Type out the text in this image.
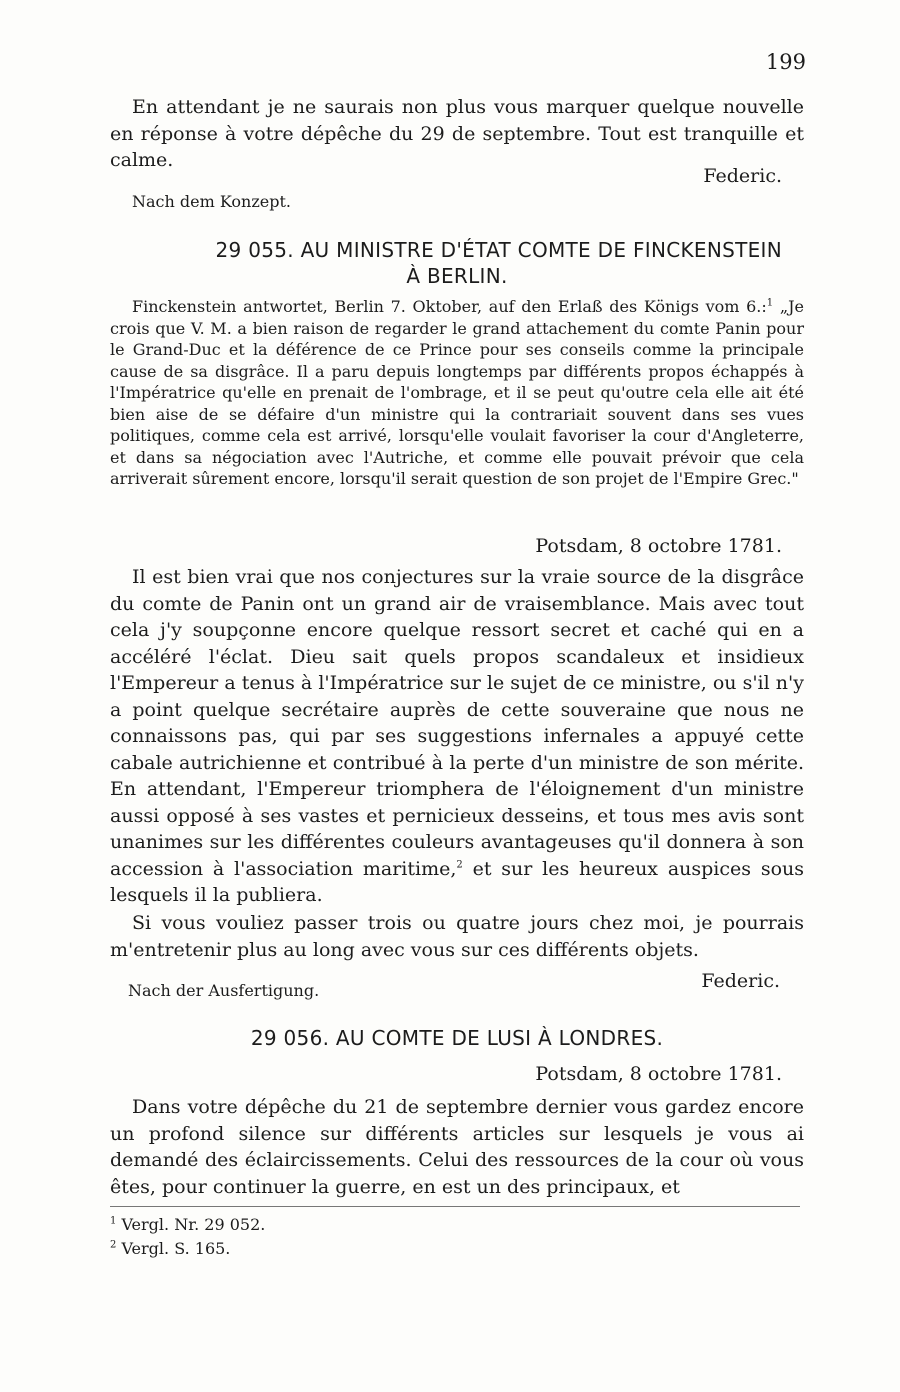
199

En attendant je ne saurais non plus vous marquer quelque nouvelle en réponse à votre dépêche du 29 de septembre. Tout est tranquille et calme.

Federic.
Nach dem Konzept.
29 055. AU MINISTRE D'ÉTAT COMTE DE FINCKENSTEIN
À BERLIN.

Finckenstein antwortet, Berlin 7. Oktober, auf den Erlaß des Königs vom 6.:$^1$ „Je crois que V. M. a bien raison de regarder le grand attachement du comte Panin pour le Grand-Duc et la déférence de ce Prince pour ses conseils comme la principale cause de sa disgrâce. Il a paru depuis longtemps par différents propos échappés à l'Impératrice qu'elle en prenait de l'ombrage, et il se peut qu'outre cela elle ait été bien aise de se défaire d'un ministre qui la contrariait souvent dans ses vues politiques, comme cela est arrivé, lorsqu'elle voulait favoriser la cour d'Angleterre, et dans sa négociation avec l'Autriche, et comme elle pouvait prévoir que cela arriverait sûrement encore, lorsqu'il serait question de son projet de l'Empire Grec."

Potsdam, 8 octobre 1781.

Il est bien vrai que nos conjectures sur la vraie source de la disgrâce du comte de Panin ont un grand air de vraisemblance. Mais avec tout cela j'y soupçonne encore quelque ressort secret et caché qui en a accéléré l'éclat. Dieu sait quels propos scandaleux et insidieux l'Empereur a tenus à l'Impératrice sur le sujet de ce ministre, ou s'il n'y a point quelque secrétaire auprès de cette souveraine que nous ne connaissons pas, qui par ses suggestions infernales a appuyé cette cabale autrichienne et contribué à la perte d'un ministre de son mérite. En attendant, l'Empereur triomphera de l'éloignement d'un ministre aussi opposé à ses vastes et pernicieux desseins, et tous mes avis sont unanimes sur les différentes couleurs avantageuses qu'il donnera à son accession à l'association maritime,$^2$ et sur les heureux auspices sous lesquels il la publiera.

Si vous vouliez passer trois ou quatre jours chez moi, je pourrais m'entretenir plus au long avec vous sur ces différents objets.

Nach der Ausfertigung.	Federic.
29 056. AU COMTE DE LUSI À LONDRES.
Potsdam, 8 octobre 1781.

Dans votre dépêche du 21 de septembre dernier vous gardez encore un profond silence sur différents articles sur lesquels je vous ai demandé des éclaircissements. Celui des ressources de la cour où vous êtes, pour continuer la guerre, en est un des principaux, et

$^1$ Vergl. Nr. 29 052.
$^2$ Vergl. S. 165.
